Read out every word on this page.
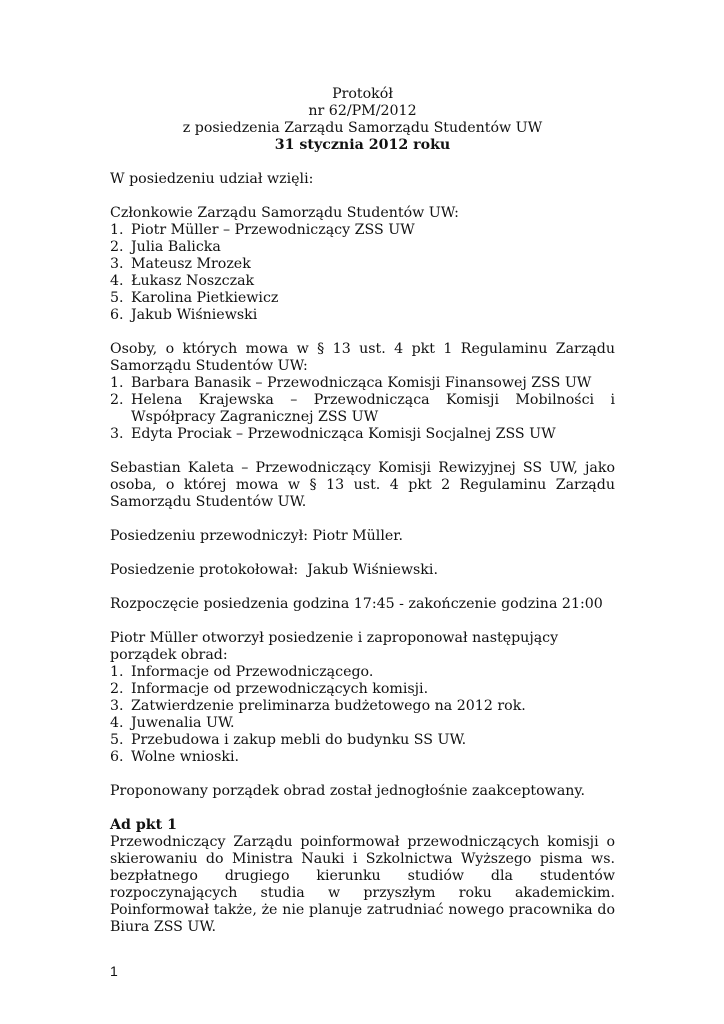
Protokół

nr 62/PM/2012

z posiedzenia Zarządu Samorządu Studentów UW

31 stycznia 2012 roku

W posiedzeniu udział wzięli:

Członkowie Zarządu Samorządu Studentów UW:

1. Piotr Müller – Przewodniczący ZSS UW
2. Julia Balicka
3. Mateusz Mrozek
4. Łukasz Noszczak
5. Karolina Pietkiewicz
6. Jakub Wiśniewski

Osoby, o których mowa w § 13 ust. 4 pkt 1 Regulaminu Zarządu Samorządu Studentów UW:

1. Barbara Banasik – Przewodnicząca Komisji Finansowej ZSS UW
2. Helena Krajewska – Przewodnicząca Komisji Mobilności i Współpracy Zagranicznej ZSS UW
3. Edyta Prociak – Przewodnicząca Komisji Socjalnej ZSS UW

Sebastian Kaleta – Przewodniczący Komisji Rewizyjnej SS UW, jako osoba, o której mowa w § 13 ust. 4 pkt 2 Regulaminu Zarządu Samorządu Studentów UW.

Posiedzeniu przewodniczył: Piotr Müller.

Posiedzenie protokołował:  Jakub Wiśniewski.

Rozpoczęcie posiedzenia godzina 17:45 - zakończenie godzina 21:00

Piotr Müller otworzył posiedzenie i zaproponował następujący porządek obrad:

1. Informacje od Przewodniczącego.
2. Informacje od przewodniczących komisji.
3. Zatwierdzenie preliminarza budżetowego na 2012 rok.
4. Juwenalia UW.
5. Przebudowa i zakup mebli do budynku SS UW.
6. Wolne wnioski.

Proponowany porządek obrad został jednogłośnie zaakceptowany.

Ad pkt 1

Przewodniczący Zarządu poinformował przewodniczących komisji o skierowaniu do Ministra Nauki i Szkolnictwa Wyższego pisma ws. bezpłatnego drugiego kierunku studiów dla studentów rozpoczynających studia w przyszłym roku akademickim. Poinformował także, że nie planuje zatrudniać nowego pracownika do Biura ZSS UW.

1
